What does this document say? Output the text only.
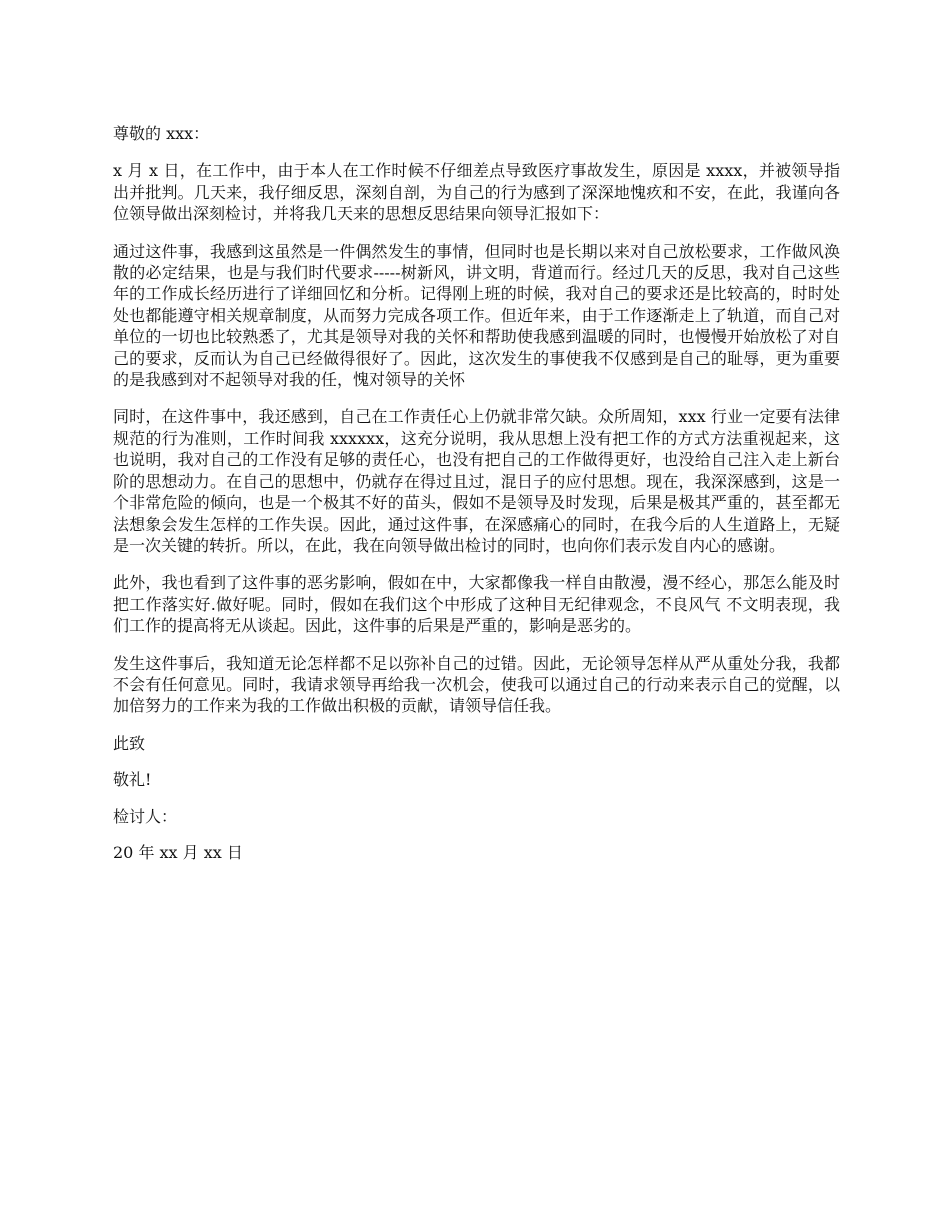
尊敬的 xxx：

x 月 x 日，在工作中，由于本人在工作时候不仔细差点导致医疗事故发生，原因是 xxxx，并被领导指出并批判。几天来，我仔细反思，深刻自剖，为自己的行为感到了深深地愧疚和不安，在此，我谨向各位领导做出深刻检讨，并将我几天来的思想反思结果向领导汇报如下：

通过这件事，我感到这虽然是一件偶然发生的事情，但同时也是长期以来对自己放松要求，工作做风涣散的必定结果，也是与我们时代要求-----树新风，讲文明，背道而行。经过几天的反思，我对自己这些年的工作成长经历进行了详细回忆和分析。记得刚上班的时候，我对自己的要求还是比较高的，时时处处也都能遵守相关规章制度，从而努力完成各项工作。但近年来，由于工作逐渐走上了轨道，而自己对单位的一切也比较熟悉了，尤其是领导对我的关怀和帮助使我感到温暖的同时，也慢慢开始放松了对自己的要求，反而认为自己已经做得很好了。因此，这次发生的事使我不仅感到是自己的耻辱，更为重要的是我感到对不起领导对我的任，愧对领导的关怀

同时，在这件事中，我还感到，自己在工作责任心上仍就非常欠缺。众所周知，xxx 行业一定要有法律规范的行为准则，工作时间我 xxxxxx，这充分说明，我从思想上没有把工作的方式方法重视起来，这也说明，我对自己的工作没有足够的责任心，也没有把自己的工作做得更好，也没给自己注入走上新台阶的思想动力。在自己的思想中，仍就存在得过且过，混日子的应付思想。现在，我深深感到，这是一个非常危险的倾向，也是一个极其不好的苗头，假如不是领导及时发现，后果是极其严重的，甚至都无法想象会发生怎样的工作失误。因此，通过这件事，在深感痛心的同时，在我今后的人生道路上，无疑是一次关键的转折。所以，在此，我在向领导做出检讨的同时，也向你们表示发自内心的感谢。

此外，我也看到了这件事的恶劣影响，假如在中，大家都像我一样自由散漫，漫不经心，那怎么能及时把工作落实好.做好呢。同时，假如在我们这个中形成了这种目无纪律观念，不良风气 不文明表现，我们工作的提高将无从谈起。因此，这件事的后果是严重的，影响是恶劣的。

发生这件事后，我知道无论怎样都不足以弥补自己的过错。因此，无论领导怎样从严从重处分我，我都不会有任何意见。同时，我请求领导再给我一次机会，使我可以通过自己的行动来表示自己的觉醒，以加倍努力的工作来为我的工作做出积极的贡献，请领导信任我。

此致

敬礼!

检讨人：

20 年 xx 月 xx 日
